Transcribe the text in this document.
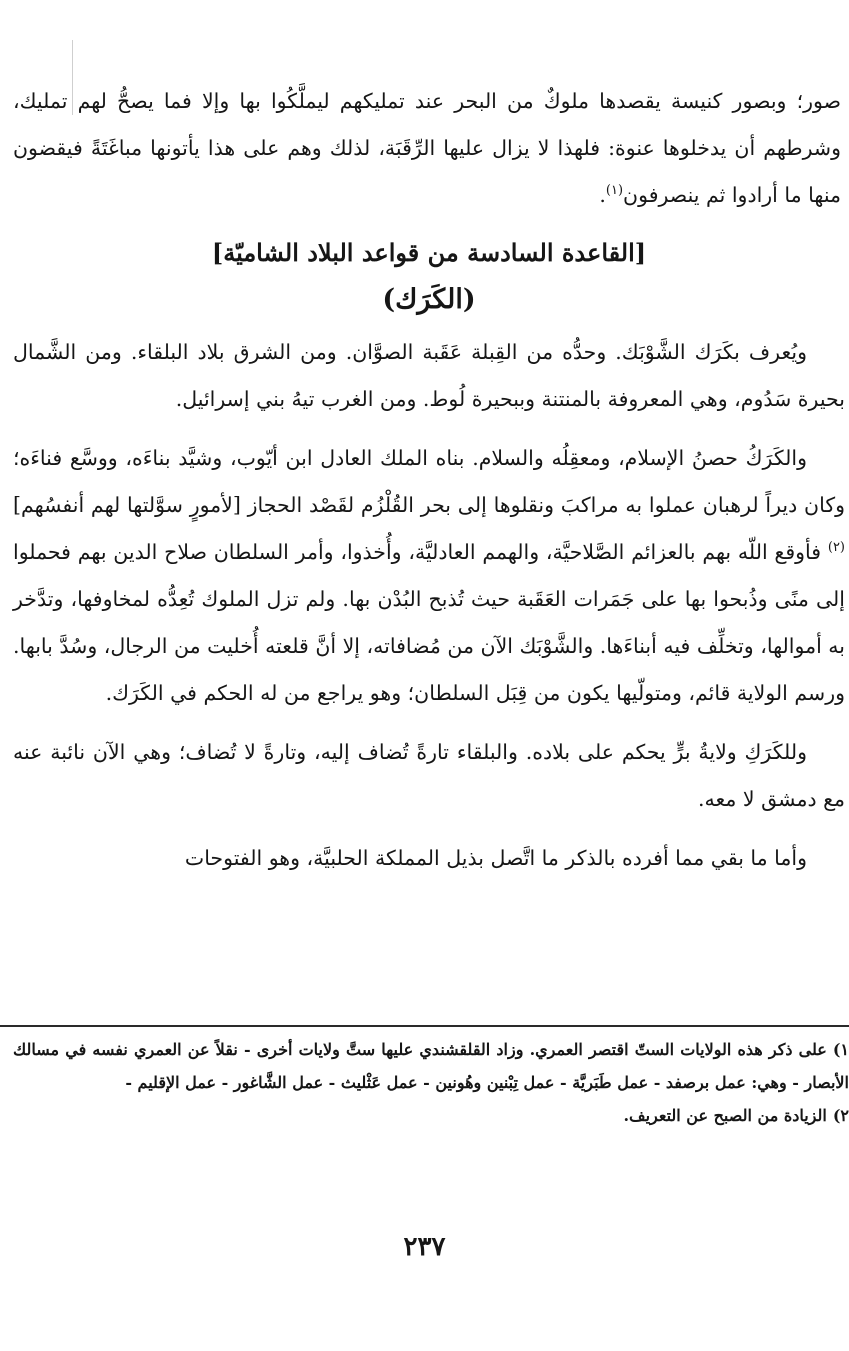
صور؛ وبصور كنيسة يقصدها ملوكٌ من البحر عند تمليكهم ليملَّكُوا بها وإلا فما يصحُّ لهم تمليك، وشرطهم أن يدخلوها عنوة: فلهذا لا يزال عليها الرِّقَبَة، لذلك وهم على هذا يأتونها مباغَتَةً فيقضون منها ما أرادوا ثم ينصرفون$^{(١)}$.

[القاعدة السادسة من قواعد البلاد الشاميّة]
(الكَرَك)

ويُعرف بكَرَك الشَّوْبَك. وحدُّه من القِبلة عَقَبة الصوَّان. ومن الشرق بلاد البلقاء. ومن الشَّمال بحيرة سَدُوم، وهي المعروفة بالمنتنة وببحيرة لُوط. ومن الغرب تيهُ بني إسرائيل.

والكَرَكُ حصنُ الإسلام، ومعقِلُه والسلام. بناه الملك العادل ابن أيّوب، وشيَّد بناءَه، ووسَّع فناءَه؛ وكان ديراً لرهبان عملوا به مراكبَ ونقلوها إلى بحر القُلْزُم لقَصْد الحجاز [لأمورٍ سوَّلتها لهم أنفسُهم]$^{(٢)}$ فأوقع اللّه بهم بالعزائم الصَّلاحيَّة، والهمم العادليَّة، وأُخذوا، وأمر السلطان صلاح الدين بهم فحملوا إلى منًى وذُبحوا بها على جَمَرات العَقَبة حيث تُذبح البُدْن بها. ولم تزل الملوك تُعِدُّه لمخاوفها، وتدَّخر به أموالها، وتخلِّف فيه أبناءَها. والشَّوْبَك الآن من مُضافاته، إلا أنَّ قلعته أُخليت من الرجال، وسُدَّ بابها. ورسم الولاية قائم، ومتولّيها يكون من قِبَل السلطان؛ وهو يراجع من له الحكم في الكَرَك.

وللكَرَكِ ولايةُ برٍّ يحكم على بلاده. والبلقاء تارةً تُضاف إليه، وتارةً لا تُضاف؛ وهي الآن نائبة عنه مع دمشق لا معه.

وأما ما بقي مما أفرده بالذكر ما اتَّصل بذيل المملكة الحلبيَّة، وهو الفتوحات

١)على ذكر هذه الولايات الستّ اقتصر العمري. وزاد القلقشندي عليها ستَّ ولايات أخرى - نقلاً عن العمري نفسه في مسالك الأبصار - وهي: عمل برصفد - عمل طَبَريَّة - عمل تِبْنين وهُونين - عمل عَثْليث - عمل الشَّاغور - عمل الإقليم -

٢)الزيادة من الصبح عن التعريف.

٢٣٧
